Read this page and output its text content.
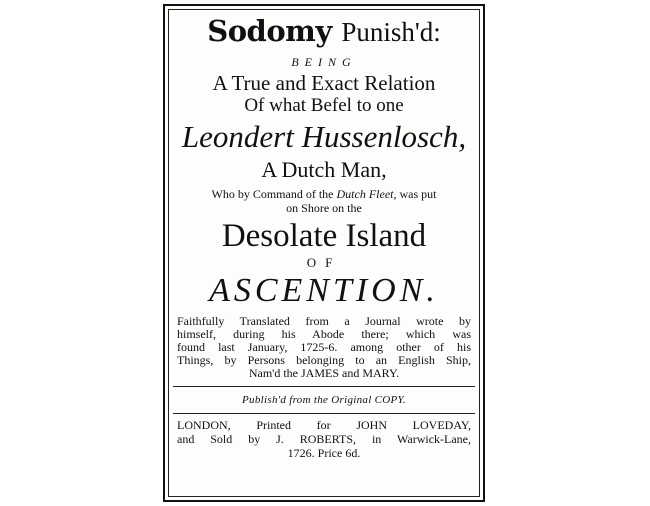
Sodomy Punish'd:
BEING
A True and Exact Relation
Of what Befel to one
Leondert Hussenlosch,
A Dutch Man,
Who by Command of the Dutch Fleet, was put
on Shore on the
Desolate Island
OF
ASCENTION.
Faithfully Translated from a Journal wrote by
himself, during his Abode there; which was
found last January, 1725-6. among other of his
Things, by Persons belonging to an English Ship,
Nam'd the JAMES and MARY.
Publish'd from the Original COPY.
LONDON, Printed for JOHN LOVEDAY,
and Sold by J. ROBERTS, in Warwick-Lane,
1726. Price 6d.
